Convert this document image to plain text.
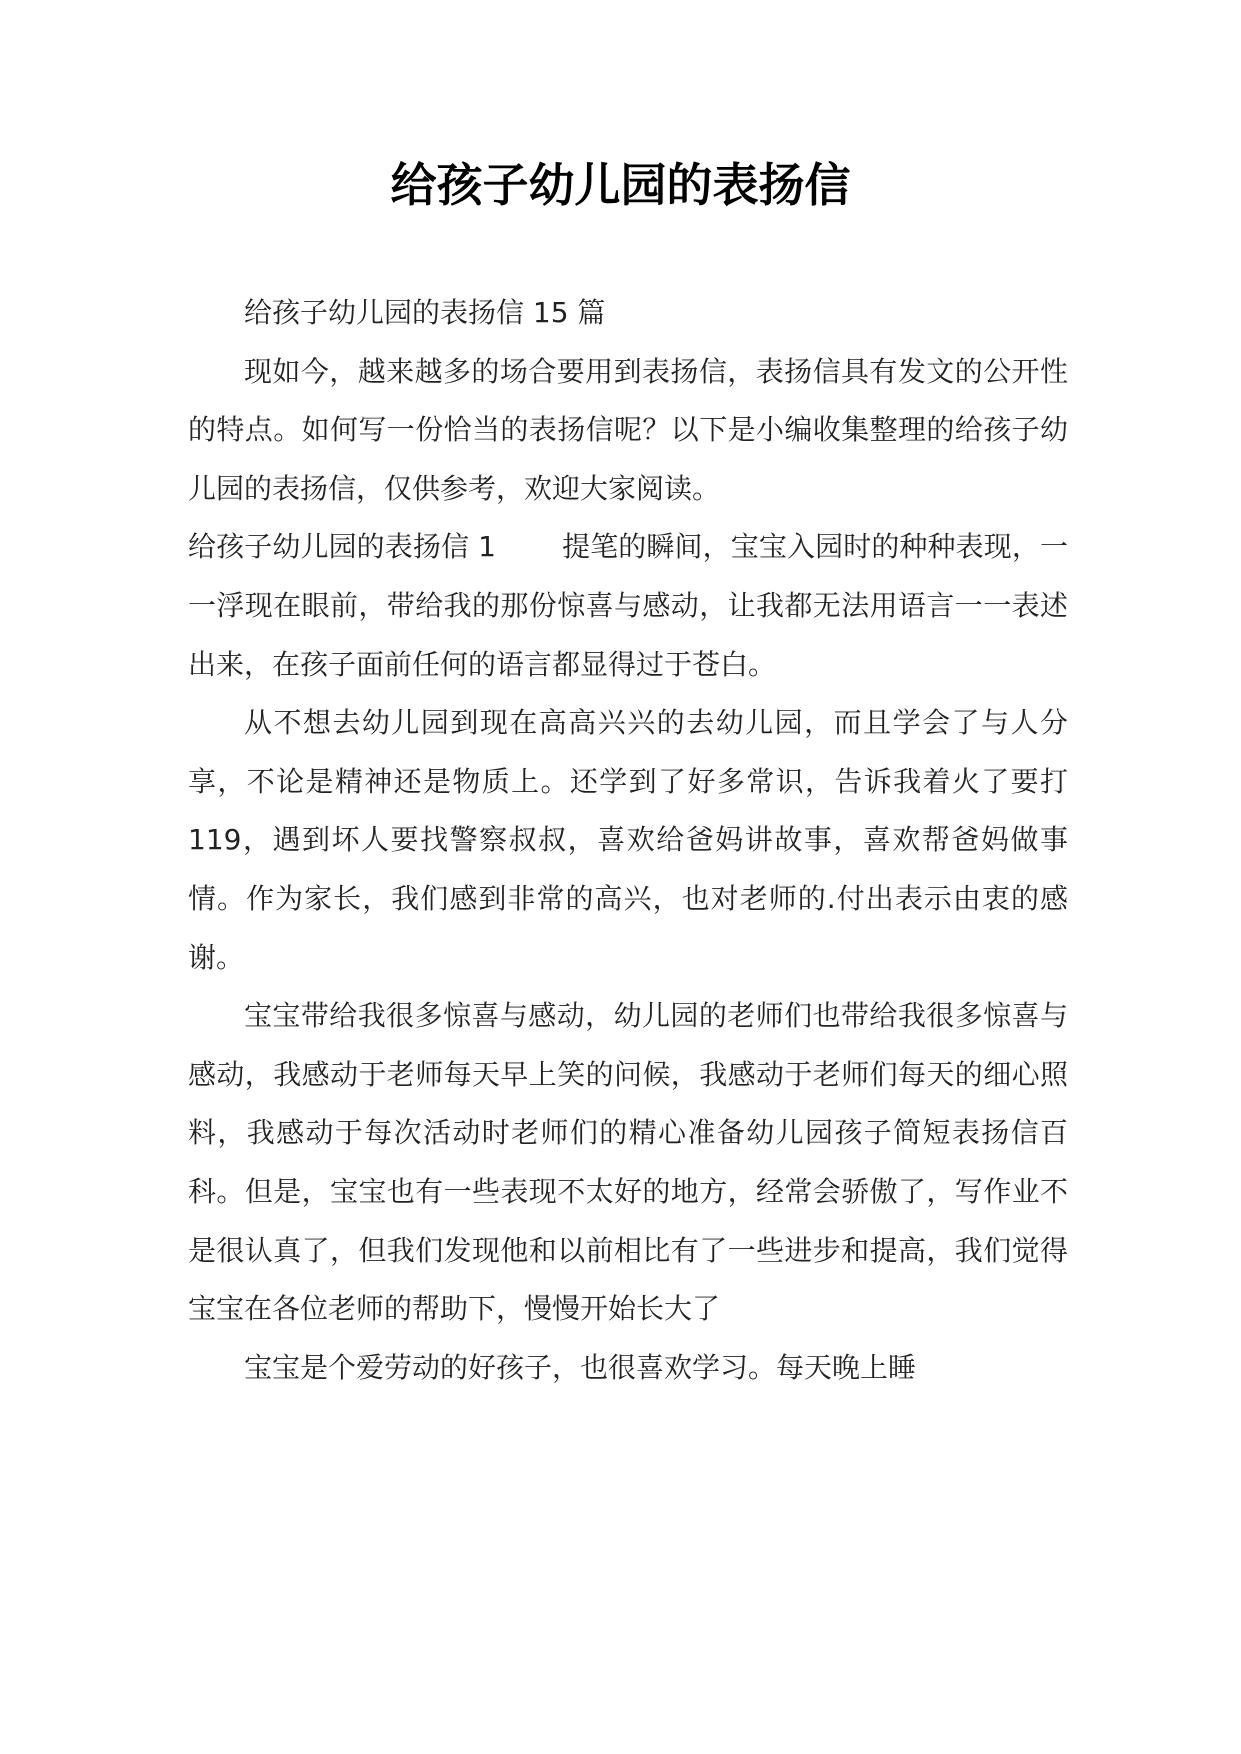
给孩子幼儿园的表扬信

给孩子幼儿园的表扬信 15 篇

现如今，越来越多的场合要用到表扬信，表扬信具有发文的公开性的特点。如何写一份恰当的表扬信呢？以下是小编收集整理的给孩子幼儿园的表扬信，仅供参考，欢迎大家阅读。

给孩子幼儿园的表扬信 1 提笔的瞬间，宝宝入园时的种种表现，一一浮现在眼前，带给我的那份惊喜与感动，让我都无法用语言一一表述出来，在孩子面前任何的语言都显得过于苍白。

从不想去幼儿园到现在高高兴兴的去幼儿园，而且学会了与人分享，不论是精神还是物质上。还学到了好多常识，告诉我着火了要打 119，遇到坏人要找警察叔叔，喜欢给爸妈讲故事，喜欢帮爸妈做事情。作为家长，我们感到非常的高兴，也对老师的.付出表示由衷的感谢。

宝宝带给我很多惊喜与感动，幼儿园的老师们也带给我很多惊喜与感动，我感动于老师每天早上笑的问候，我感动于老师们每天的细心照料，我感动于每次活动时老师们的精心准备幼儿园孩子简短表扬信百科。但是，宝宝也有一些表现不太好的地方，经常会骄傲了，写作业不是很认真了，但我们发现他和以前相比有了一些进步和提高，我们觉得宝宝在各位老师的帮助下，慢慢开始长大了

宝宝是个爱劳动的好孩子，也很喜欢学习。每天晚上睡
